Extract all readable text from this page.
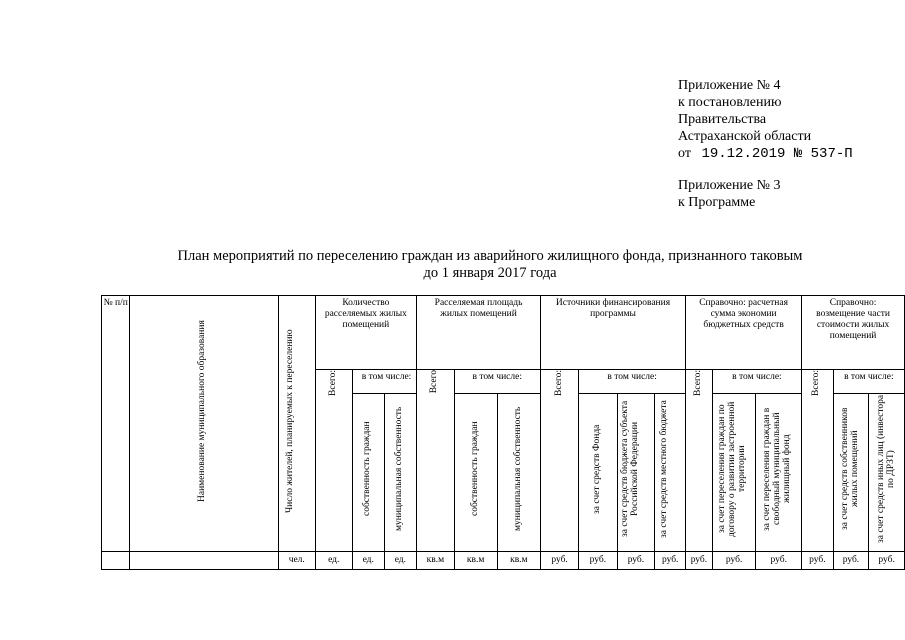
Приложение № 4
к постановлению
Правительства
Астраханской области
от 19.12.2019 № 537-П
Приложение № 3
к Программе
План мероприятий по переселению граждан из аварийного жилищного фонда, признанного таковым
до 1 января 2017 года
№ п/п	Наименование муниципального образования	Число жителей, планируемых к переселению	Количество расселяемых жилых помещений			Расселяемая площадь жилых помещений			Источники финансирования программы				Справочно: расчетная сумма экономии бюджетных средств			Справочно: возмещение части стоимости жилых помещений		

			Всего:	в том числе:		Всего	в том числе:		Всего:	в том числе:			Всего:	в том числе:		Всего:	в том числе:	

				собственность граждан	муниципальная собственность		собственность граждан	муниципальная собственность		за счет средств Фонда	за счет средств бюджета субъекта Российской Федерации	за счет средств местного бюджета		за счет переселения граждан по договору о развитии застроенной территории	за счет переселения граждан в свободный муниципальный жилищный фонд		за счет средств собственников жилых помещений	за счет средств иных лиц (инвестора по ДРЗТ)

		чел.	ед.	ед.	ед.	кв.м	кв.м	кв.м	руб.	руб.	руб.	руб.	руб.	руб.	руб.	руб.	руб.	руб.
